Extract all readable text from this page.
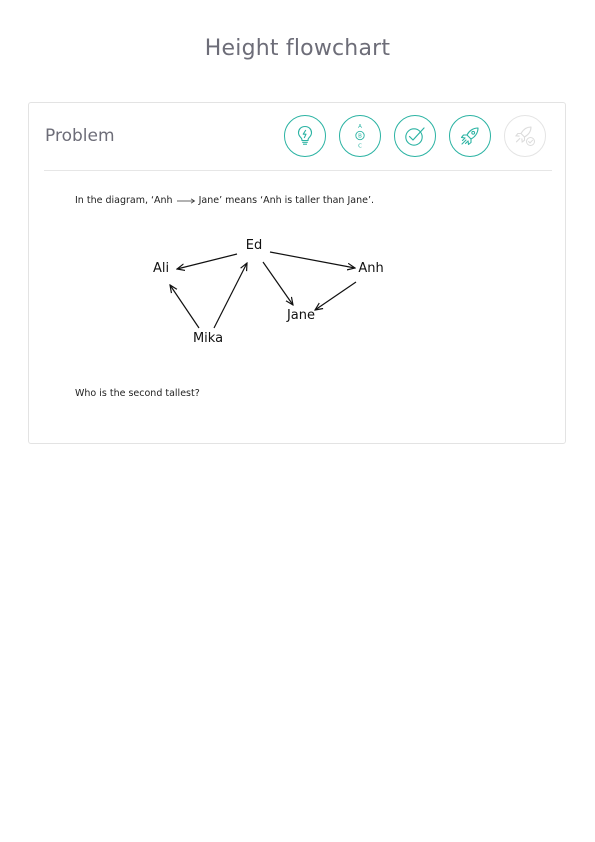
Height flowchart
Problem	A
B
C
In the diagram, ‘Anh	Jane’ means ‘Anh is taller than Jane’.
Ed
Ali	Anh
Jane
Mika
Who is the second tallest?
